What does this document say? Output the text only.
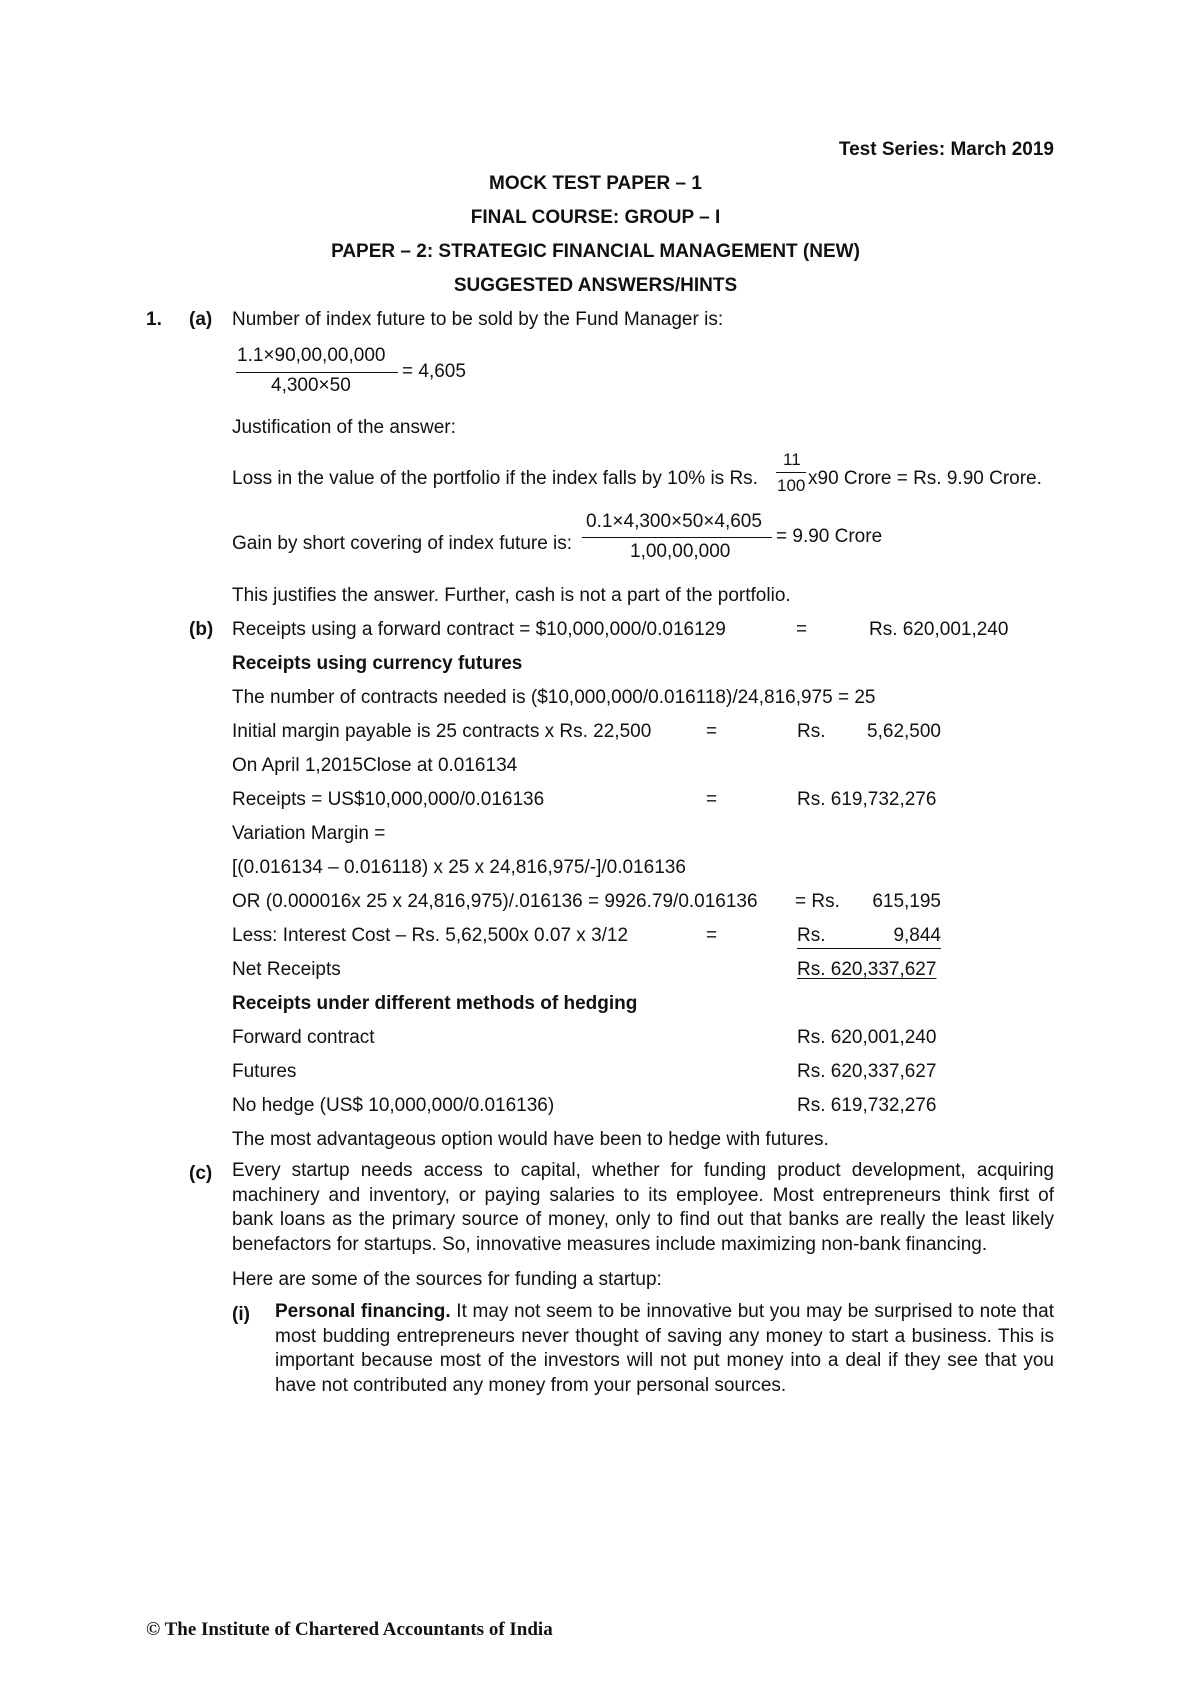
Test Series: March 2019
MOCK TEST PAPER – 1
FINAL COURSE: GROUP – I
PAPER – 2: STRATEGIC FINANCIAL MANAGEMENT (NEW)
SUGGESTED ANSWERS/HINTS
1. (a) Number of index future to be sold by the Fund Manager is:
1.1×90,00,00,000
4,300×50
= 4,605
Justification of the answer:
Loss in the value of the portfolio if the index falls by 10% is Rs.
11
100 x90 Crore = Rs. 9.90 Crore.
Gain by short covering of index future is:
0.1×4,300×50×4,605
1,00,00,000
= 9.90 Crore
This justifies the answer. Further, cash is not a part of the portfolio.
(b) Receipts using a forward contract = $10,000,000/0.016129	=	Rs. 620,001,240
Receipts using currency futures
The number of contracts needed is ($10,000,000/0.016118)/24,816,975 = 25
Initial margin payable is 25 contracts x Rs. 22,500	=	Rs.	5,62,500
On April 1,2015Close at 0.016134
Receipts = US$10,000,000/0.016136	=	Rs. 619,732,276
Variation Margin =
[(0.016134 – 0.016118) x 25 x 24,816,975/-]/0.016136
OR (0.000016x 25 x 24,816,975)/.016136 = 9926.79/0.016136 = Rs.	615,195
Less: Interest Cost – Rs. 5,62,500x 0.07 x 3/12	=	Rs.	9,844
Net Receipts	Rs. 620,337,627
Receipts under different methods of hedging
Forward contract	Rs. 620,001,240
Futures	Rs. 620,337,627
No hedge (US$ 10,000,000/0.016136)	Rs. 619,732,276
The most advantageous option would have been to hedge with futures.
(c) Every startup needs access to capital, whether for funding product development, acquiring machinery and inventory, or paying salaries to its employee. Most entrepreneurs think first of bank loans as the primary source of money, only to find out that banks are really the least likely benefactors for startups. So, innovative measures include maximizing non-bank financing.
Here are some of the sources for funding a startup:
(i) Personal financing. It may not seem to be innovative but you may be surprised to note that most budding entrepreneurs never thought of saving any money to start a business. This is important because most of the investors will not put money into a deal if they see that you have not contributed any money from your personal sources.
© The Institute of Chartered Accountants of India
